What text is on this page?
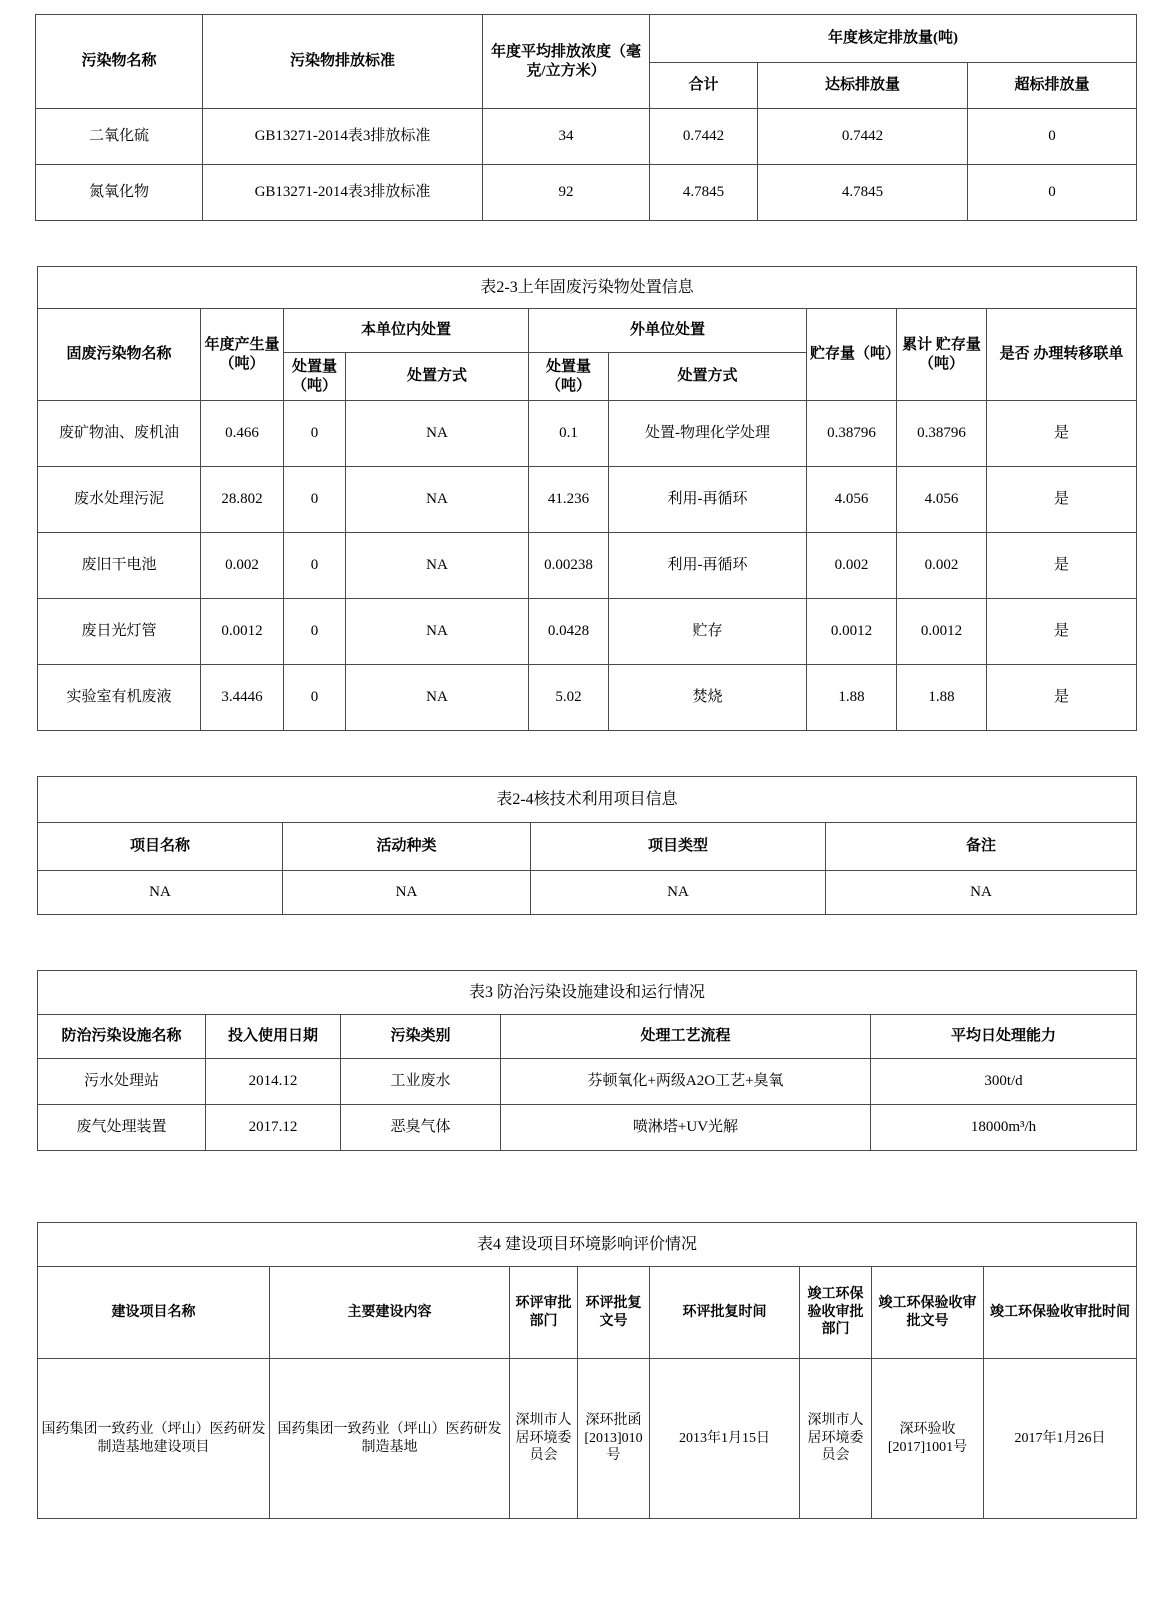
污染物名称	污染物排放标准	年度平均排放浓度（毫克/立方米）	年度核定排放量(吨)		
			合计	达标排放量	超标排放量
二氧化硫	GB13271-2014表3排放标准	34	0.7442	0.7442	0
氮氧化物	GB13271-2014表3排放标准	92	4.7845	4.7845	0
表2-3上年固废污染物处置信息								
固废污染物名称	年度产生量（吨）	本单位内处置		外单位处置		贮存量（吨）	累计 贮存量（吨）	是否 办理转移联单
		处置量（吨）	处置方式	处置量（吨）	处置方式			
废矿物油、废机油	0.466	0	NA	0.1	处置-物理化学处理	0.38796	0.38796	是
废水处理污泥	28.802	0	NA	41.236	利用-再循环	4.056	4.056	是
废旧干电池	0.002	0	NA	0.00238	利用-再循环	0.002	0.002	是
废日光灯管	0.0012	0	NA	0.0428	贮存	0.0012	0.0012	是
实验室有机废液	3.4446	0	NA	5.02	焚烧	1.88	1.88	是
表2-4核技术利用项目信息			
项目名称	活动种类	项目类型	备注
NA	NA	NA	NA
表3 防治污染设施建设和运行情况				
防治污染设施名称	投入使用日期	污染类别	处理工艺流程	平均日处理能力
污水处理站	2014.12	工业废水	芬顿氧化+两级A2O工艺+臭氧	300t/d
废气处理装置	2017.12	恶臭气体	喷淋塔+UV光解	18000m³/h
表4 建设项目环境影响评价情况							
建设项目名称	主要建设内容	环评审批部门	环评批复文号	环评批复时间	竣工环保验收审批部门	竣工环保验收审批文号	竣工环保验收审批时间
国药集团一致药业（坪山）医药研发制造基地建设项目	国药集团一致药业（坪山）医药研发制造基地	深圳市人居环境委员会	深环批函[2013]010号	2013年1月15日	深圳市人居环境委员会	深环验收[2017]1001号	2017年1月26日
